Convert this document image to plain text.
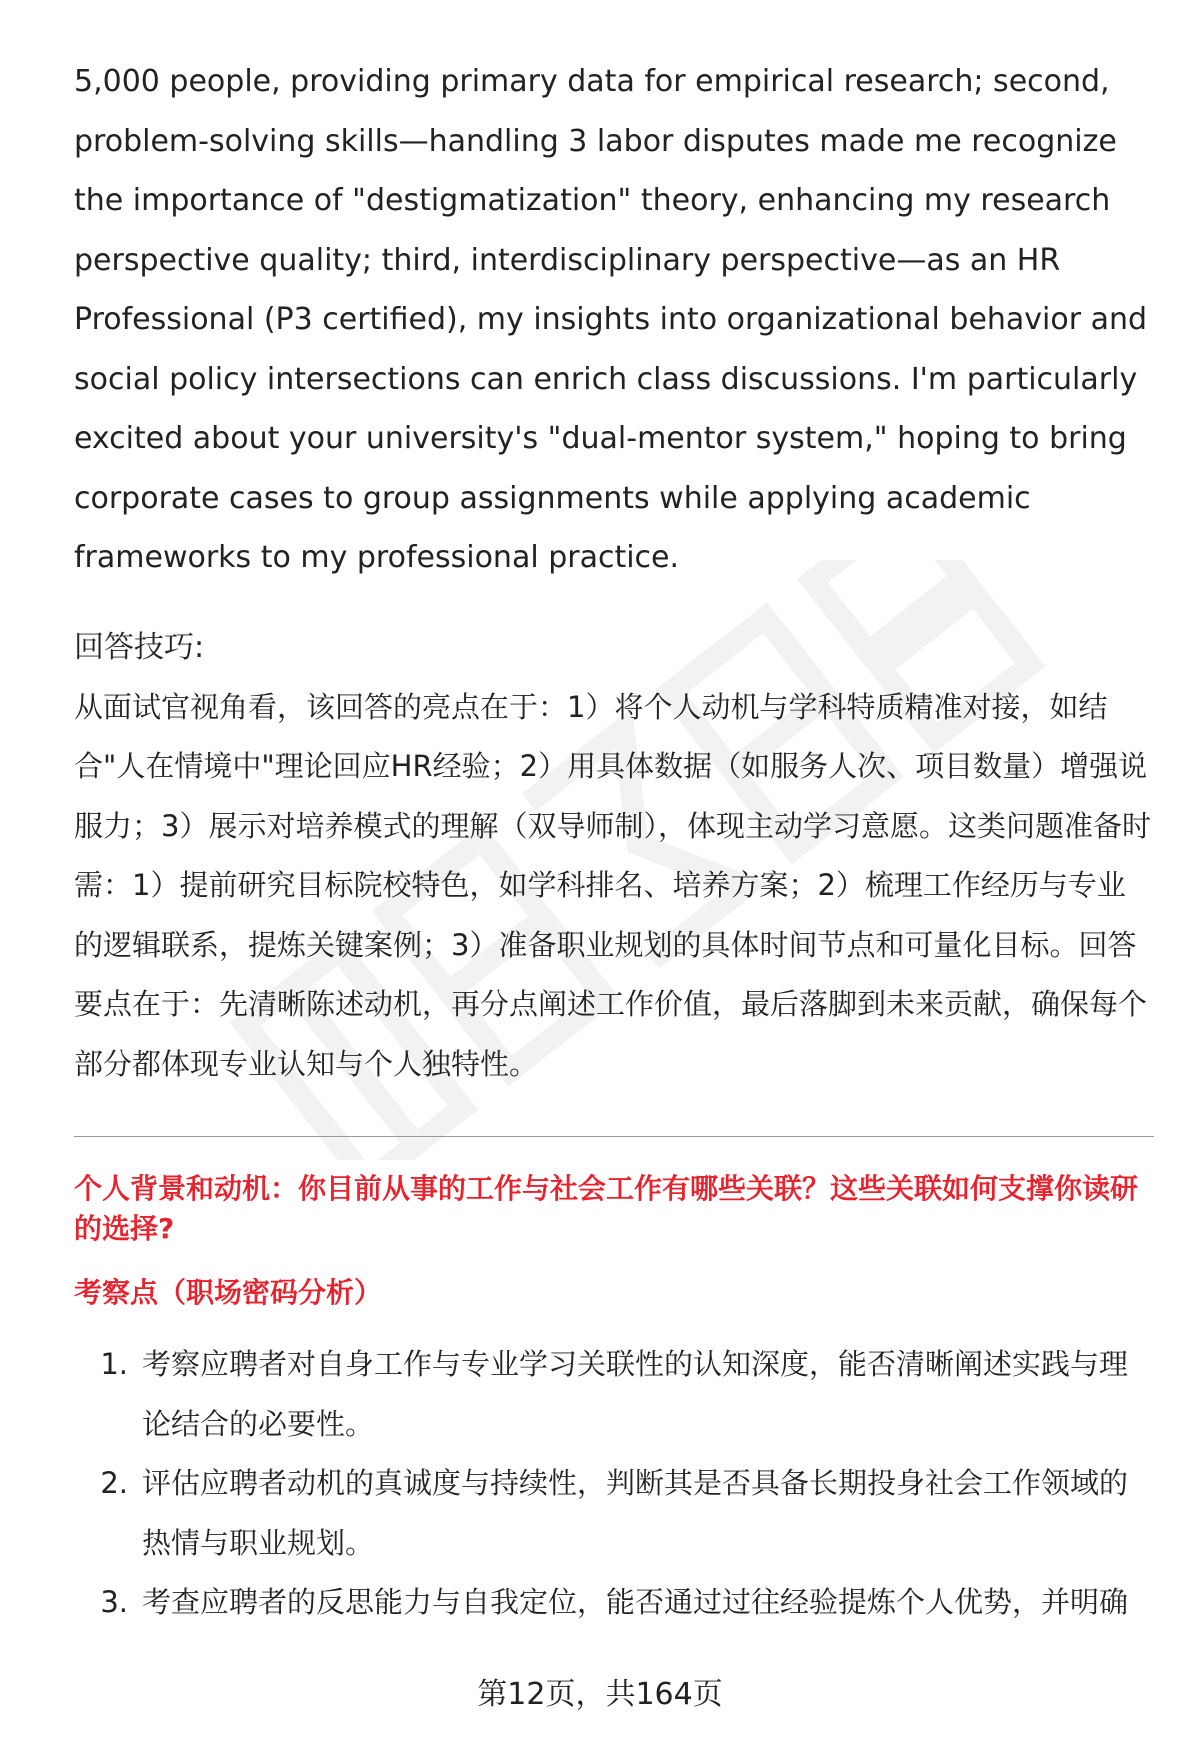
5,000 people, providing primary data for empirical research; second, problem-solving skills—handling 3 labor disputes made me recognize the importance of "destigmatization" theory, enhancing my research perspective quality; third, interdisciplinary perspective—as an HR Professional (P3 certified), my insights into organizational behavior and social policy intersections can enrich class discussions. I'm particularly excited about your university's "dual-mentor system," hoping to bring corporate cases to group assignments while applying academic frameworks to my professional practice.

回答技巧:

从面试官视角看，该回答的亮点在于：1）将个人动机与学科特质精准对接，如结合"人在情境中"理论回应HR经验；2）用具体数据（如服务人次、项目数量）增强说服力；3）展示对培养模式的理解（双导师制），体现主动学习意愿。这类问题准备时需：1）提前研究目标院校特色，如学科排名、培养方案；2）梳理工作经历与专业的逻辑联系，提炼关键案例；3）准备职业规划的具体时间节点和可量化目标。回答要点在于：先清晰陈述动机，再分点阐述工作价值，最后落脚到未来贡献，确保每个部分都体现专业认知与个人独特性。

个人背景和动机：你目前从事的工作与社会工作有哪些关联？这些关联如何支撑你读研的选择?
考察点（职场密码分析）
1. 考察应聘者对自身工作与专业学习关联性的认知深度，能否清晰阐述实践与理论结合的必要性。
2. 评估应聘者动机的真诚度与持续性，判断其是否具备长期投身社会工作领域的热情与职业规划。
3. 考查应聘者的反思能力与自我定位，能否通过过往经验提炼个人优势，并明确
第12页，共164页
